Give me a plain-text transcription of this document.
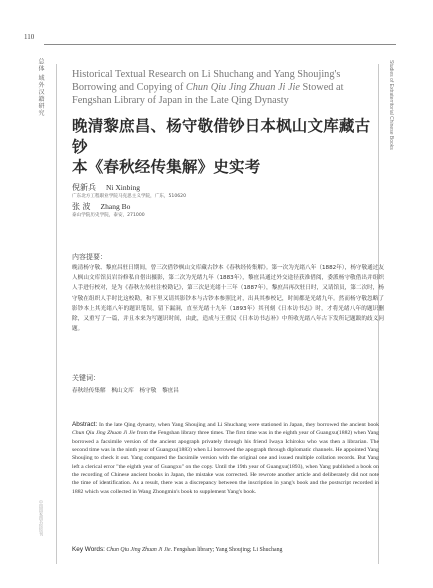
110
总体 域外汉籍研究
中国国家图书馆馆刊
Studies of Extraterritorial Chinese Books
Historical Textual Research on Li Shuchang and Yang Shoujing's
Borrowing and Copying of Chun Qiu Jing Zhuan Ji Jie Stowed at
Fengshan Library of Japan in the Late Qing Dynasty
晚清黎庶昌、杨守敬借钞日本枫山文库藏古钞
本《春秋经传集解》史实考
倪新兵 Ni Xinbing
广东北方工程职业学院马克思主义学院，广东，510620
张 波 Zhang Bo
泰山学院历史学院，泰安，271000
内容提要：
晚清杨守敬、黎庶昌驻日期间，曾三次借钞枫山文库藏古钞本《春秋经传集解》。第一次为光绪八年（1882年），杨守敬通过友人枫山文库馆员岩谷修私自借出摄影，第二次为光绪九年（1883年），黎庶昌通过外交途径获准借阅，委派杨守敬借出并组织人手进行校对，是为《春秋左传杜注校勘记》，第三次是光绪十三年（1887年），黎庶昌再次驻日时，又请馆员，第二次时，杨守敬在组织人手时比这校勘，和下里又请其影钞本与古钞本参照比对，出具其参校记，时间都是光绪九年。然而杨守敬忽略了影钞本上其光绪八年的题识笔误，留下漏洞，直至光绪十九年（1893年）其刊刻《日本访书志》时，才将光绪八年的题识删除，又重写了一篇，并且本来为写题识时间，由此，造成与王重民《日本访书志补》中所收光绪八年古下发所记题跋的歧义问题。
关键词：
春秋经传集解 枫山文库 杨守敬 黎庶昌
Abstract: In the late Qing dynasty, when Yang Shoujing and Li Shuchang were stationed in Japan, they borrowed the ancient book Chun Qiu Jing Zhuan Ji Jie from the Fengshan library three times. The first time was in the eighth year of Guangxu(1882) when Yang borrowed a facsimile version of the ancient apograph privately through his friend Iwaya Ichiroku who was then a librarian. The second time was in the ninth year of Guangxu(1883) when Li borrowed the apograph through diplomatic channels. He appointed Yang Shoujing to check it out. Yang compared the facsimile version with the original one and issued multiple collation records. But Yang left a clerical error "the eighth year of Guangxu" on the copy. Until the 19th year of Guangxu(1893), when Yang published a book on the recording of Chinese ancient books in Japan, the mistake was corrected. He rewrote another article and deliberately did not note the time of identification. As a result, there was a discrepancy between the inscription in yang's book and the postscript recorded in 1882 which was collected in Wang Zhongmin's book to supplement Yang's book.
Key Words: Chun Qiu Jing Zhuan Ji Jie. Fengshan library; Yang Shoujing; Li Shuchang
